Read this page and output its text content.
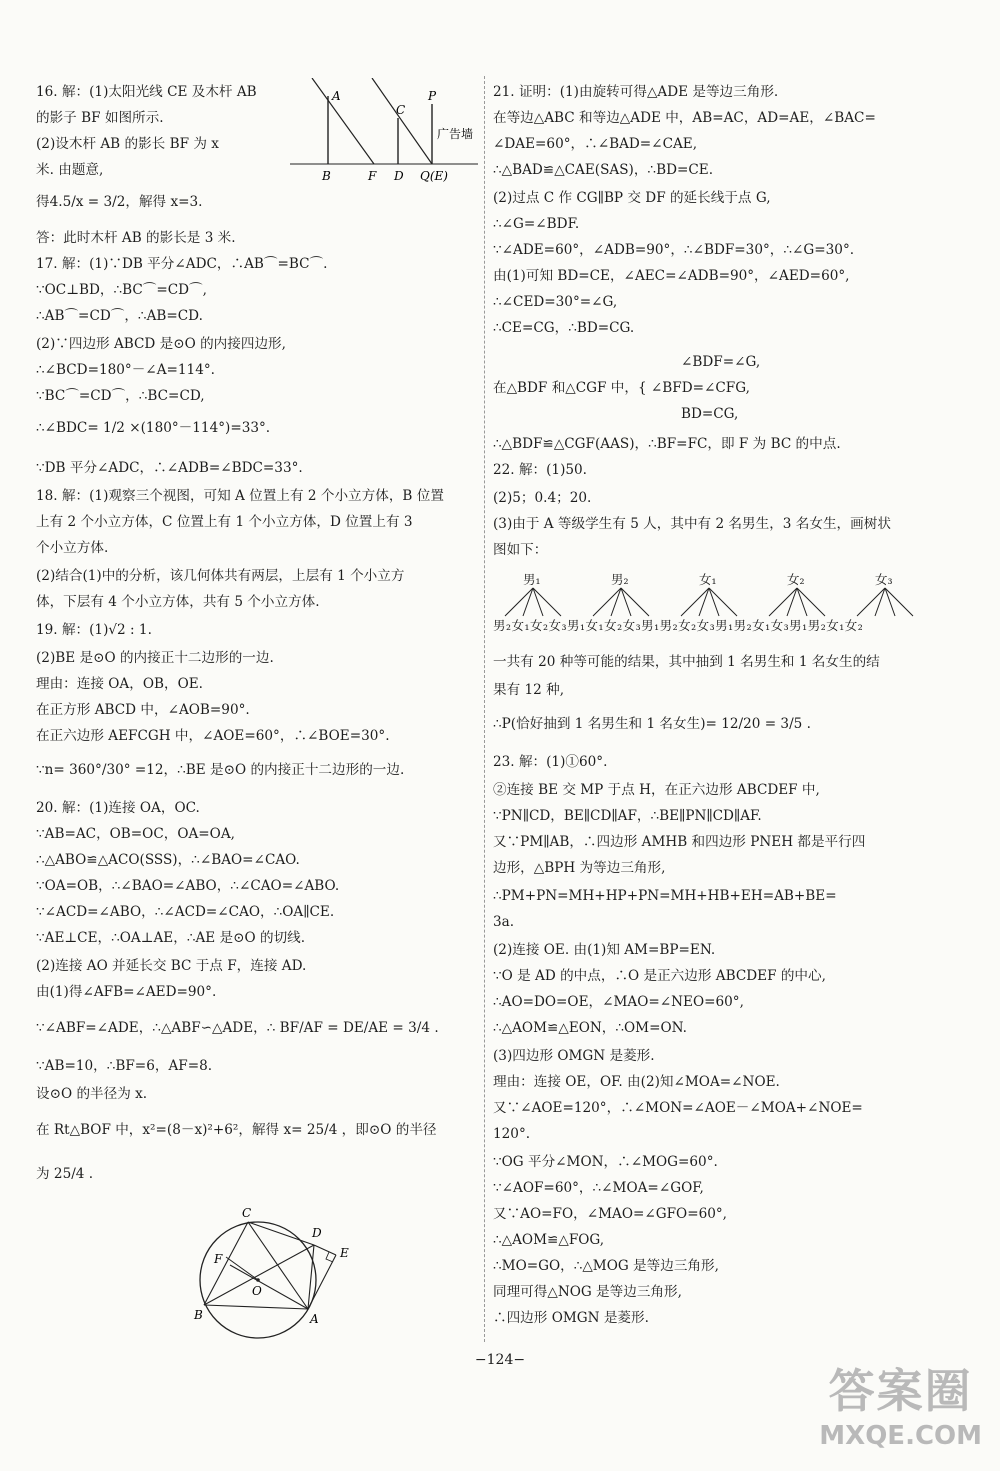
16. 解：(1)太阳光线 CE 及木杆 AB
的影子 BF 如图所示.
(2)设木杆 AB 的影长 BF 为 x
米. 由题意,
得4.5/x = 3/2，解得 x=3.
答：此时木杆 AB 的影长是 3 米.
17. 解：(1)∵DB 平分∠ADC，∴AB⌒=BC⌒.
∵OC⊥BD，∴BC⌒=CD⌒,
∴AB⌒=CD⌒，∴AB=CD.
(2)∵四边形 ABCD 是⊙O 的内接四边形,
∴∠BCD=180°－∠A=114°.
∵BC⌒=CD⌒，∴BC=CD,
∴∠BDC= 1/2 ×(180°－114°)=33°.
∵DB 平分∠ADC，∴∠ADB=∠BDC=33°.
18. 解：(1)观察三个视图，可知 A 位置上有 2 个小立方体，B 位置
上有 2 个小立方体，C 位置上有 1 个小立方体，D 位置上有 3
个小立方体.
(2)结合(1)中的分析，该几何体共有两层，上层有 1 个小立方
体，下层有 4 个小立方体，共有 5 个小立方体.
19. 解：(1)√2 : 1.
(2)BE 是⊙O 的内接正十二边形的一边.
理由：连接 OA，OB，OE.
在正方形 ABCD 中，∠AOB=90°.
在正六边形 AEFCGH 中，∠AOE=60°，∴∠BOE=30°.
∵n= 360°/30° =12，∴BE 是⊙O 的内接正十二边形的一边.
20. 解：(1)连接 OA，OC.
∵AB=AC，OB=OC，OA=OA,
∴△ABO≌△ACO(SSS)，∴∠BAO=∠CAO.
∵OA=OB，∴∠BAO=∠ABO，∴∠CAO=∠ABO.
∵∠ACD=∠ABO，∴∠ACD=∠CAO，∴OA∥CE.
∵AE⊥CE，∴OA⊥AE，∴AE 是⊙O 的切线.
(2)连接 AO 并延长交 BC 于点 F，连接 AD.
由(1)得∠AFB=∠AED=90°.
∵∠ABF=∠ADE，∴△ABF∽△ADE，∴ BF/AF = DE/AE = 3/4 .
∵AB=10，∴BF=6，AF=8.
设⊙O 的半径为 x.
在 Rt△BOF 中，x²=(8－x)²+6²，解得 x= 25/4 ，即⊙O 的半径
为 25/4 .
21. 证明：(1)由旋转可得△ADE 是等边三角形.
在等边△ABC 和等边△ADE 中，AB=AC，AD=AE，∠BAC=
∠DAE=60°，∴∠BAD=∠CAE,
∴△BAD≌△CAE(SAS)，∴BD=CE.
(2)过点 C 作 CG∥BP 交 DF 的延长线于点 G,
∴∠G=∠BDF.
∵∠ADE=60°，∠ADB=90°，∴∠BDF=30°，∴∠G=30°.
由(1)可知 BD=CE，∠AEC=∠ADB=90°，∠AED=60°,
∴∠CED=30°=∠G,
∴CE=CG，∴BD=CG.
∠BDF=∠G,
在△BDF 和△CGF 中，{ ∠BFD=∠CFG,
BD=CG,
∴△BDF≌△CGF(AAS)，∴BF=FC，即 F 为 BC 的中点.
22. 解：(1)50.
(2)5；0.4；20.
(3)由于 A 等级学生有 5 人，其中有 2 名男生，3 名女生，画树状
图如下：
一共有 20 种等可能的结果，其中抽到 1 名男生和 1 名女生的结
果有 12 种,
∴P(恰好抽到 1 名男生和 1 名女生)= 12/20 = 3/5 .
23. 解：(1)①60°.
②连接 BE 交 MP 于点 H，在正六边形 ABCDEF 中,
∵PN∥CD，BE∥CD∥AF，∴BE∥PN∥CD∥AF.
又∵PM∥AB，∴四边形 AMHB 和四边形 PNEH 都是平行四
边形，△BPH 为等边三角形,
∴PM+PN=MH+HP+PN=MH+HB+EH=AB+BE=
3a.
(2)连接 OE. 由(1)知 AM=BP=EN.
∵O 是 AD 的中点，∴O 是正六边形 ABCDEF 的中心,
∴AO=DO=OE，∠MAO=∠NEO=60°,
∴△AOM≌△EON，∴OM=ON.
(3)四边形 OMGN 是菱形.
理由：连接 OE，OF. 由(2)知∠MOA=∠NOE.
又∵∠AOE=120°，∴∠MON=∠AOE－∠MOA+∠NOE=
120°.
∵OG 平分∠MON，∴∠MOG=60°.
∵∠AOF=60°，∴∠MOA=∠GOF,
又∵AO=FO，∠MAO=∠GFO=60°,
∴△AOM≌△FOG,
∴MO=GO，∴△MOG 是等边三角形,
同理可得△NOG 是等边三角形,
∴四边形 OMGN 是菱形.
A
B	F
C
D
P
Q(E)
广告墙
C
D
E
F
O
B	A
男₁	男₂	女₁	女₂	女₃
男₂女₁女₂女₃男₁女₁女₂女₃男₁男₂女₂女₃男₁男₂女₁女₃男₁男₂女₁女₂
−124−
答案圈
MXQE.COM
